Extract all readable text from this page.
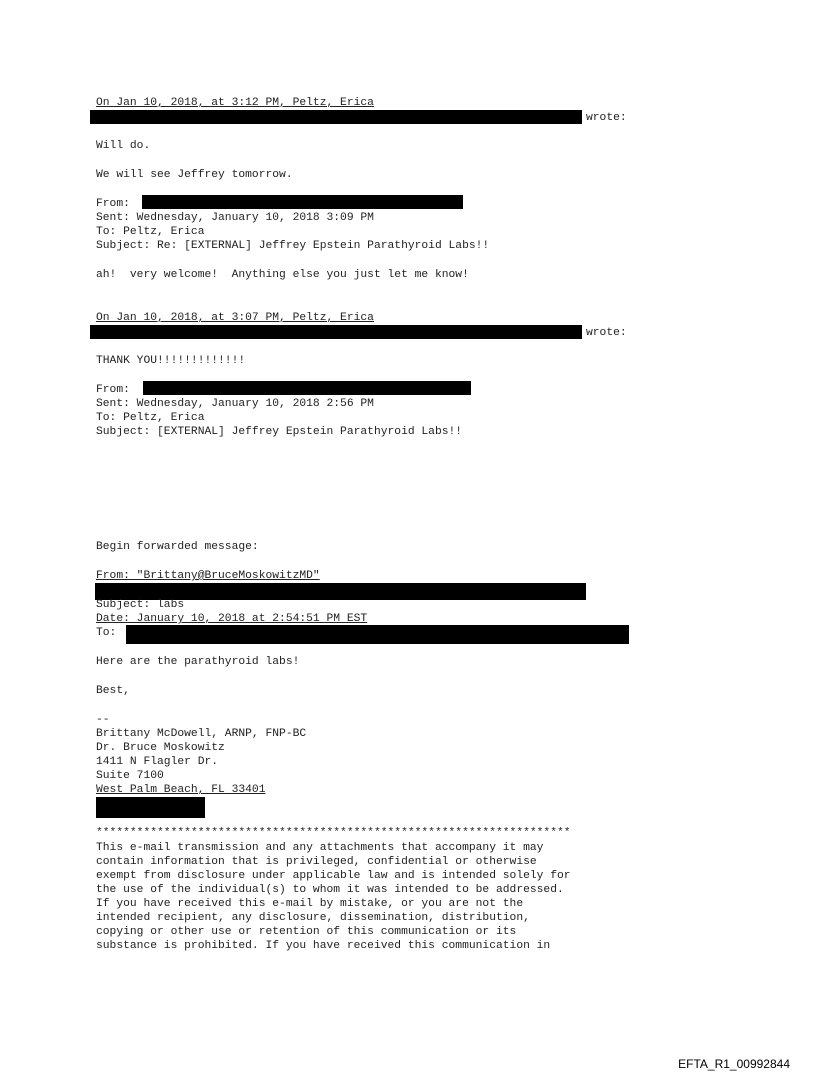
On Jan 10, 2018, at 3:12 PM, Peltz, Erica
wrote:
Will do.
We will see Jeffrey tomorrow.
From:
Sent: Wednesday, January 10, 2018 3:09 PM
To: Peltz, Erica
Subject: Re: [EXTERNAL] Jeffrey Epstein Parathyroid Labs!!
ah!  very welcome!  Anything else you just let me know!
On Jan 10, 2018, at 3:07 PM, Peltz, Erica
wrote:
THANK YOU!!!!!!!!!!!!!
From:
Sent: Wednesday, January 10, 2018 2:56 PM
To: Peltz, Erica
Subject: [EXTERNAL] Jeffrey Epstein Parathyroid Labs!!
Begin forwarded message:
From: "Brittany@BruceMoskowitzMD"
Subject: labs
Date: January 10, 2018 at 2:54:51 PM EST
To:
Here are the parathyroid labs!
Best,
--
Brittany McDowell, ARNP, FNP-BC
Dr. Bruce Moskowitz
1411 N Flagler Dr.
Suite 7100
West Palm Beach, FL 33401
**********************************************************************
This e-mail transmission and any attachments that accompany it may
contain information that is privileged, confidential or otherwise
exempt from disclosure under applicable law and is intended solely for
the use of the individual(s) to whom it was intended to be addressed.
If you have received this e-mail by mistake, or you are not the
intended recipient, any disclosure, dissemination, distribution,
copying or other use or retention of this communication or its
substance is prohibited. If you have received this communication in
EFTA_R1_00992844
